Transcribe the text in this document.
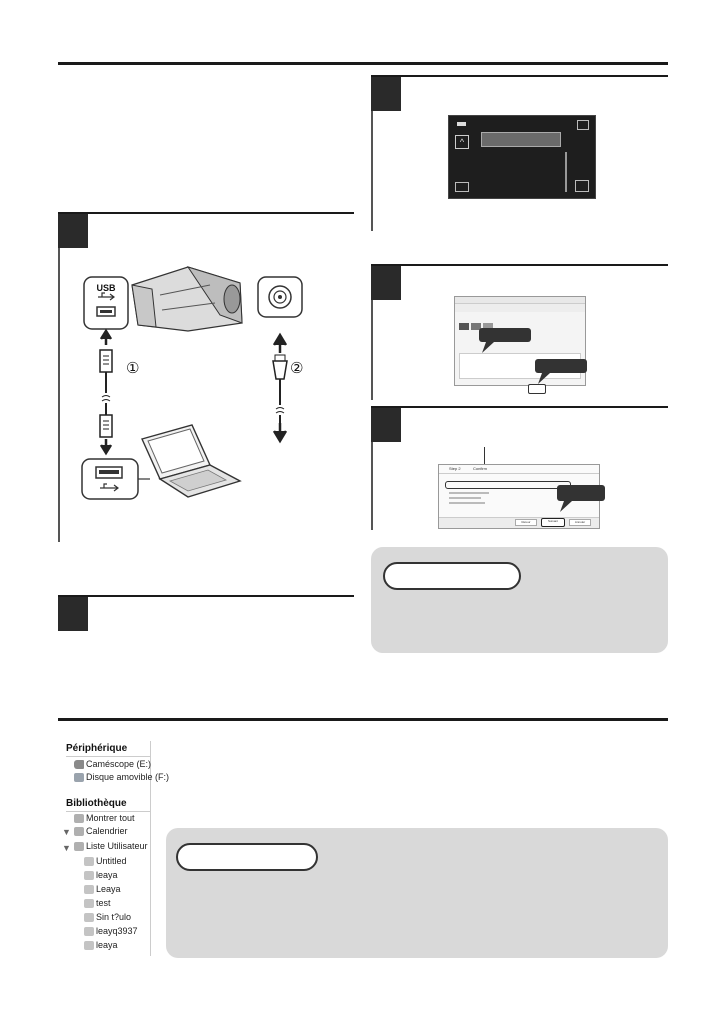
USB
①	②
^
Step 2	Confirm
Retour	Suivant	Annuler
Périphérique
Caméscope (E:)
Disque amovible (F:)
Bibliothèque
Montrer tout
▼ Calendrier
▼ Liste Utilisateur
Untitled
leaya
Leaya
test
Sin t?ulo
leayq3937
leaya
